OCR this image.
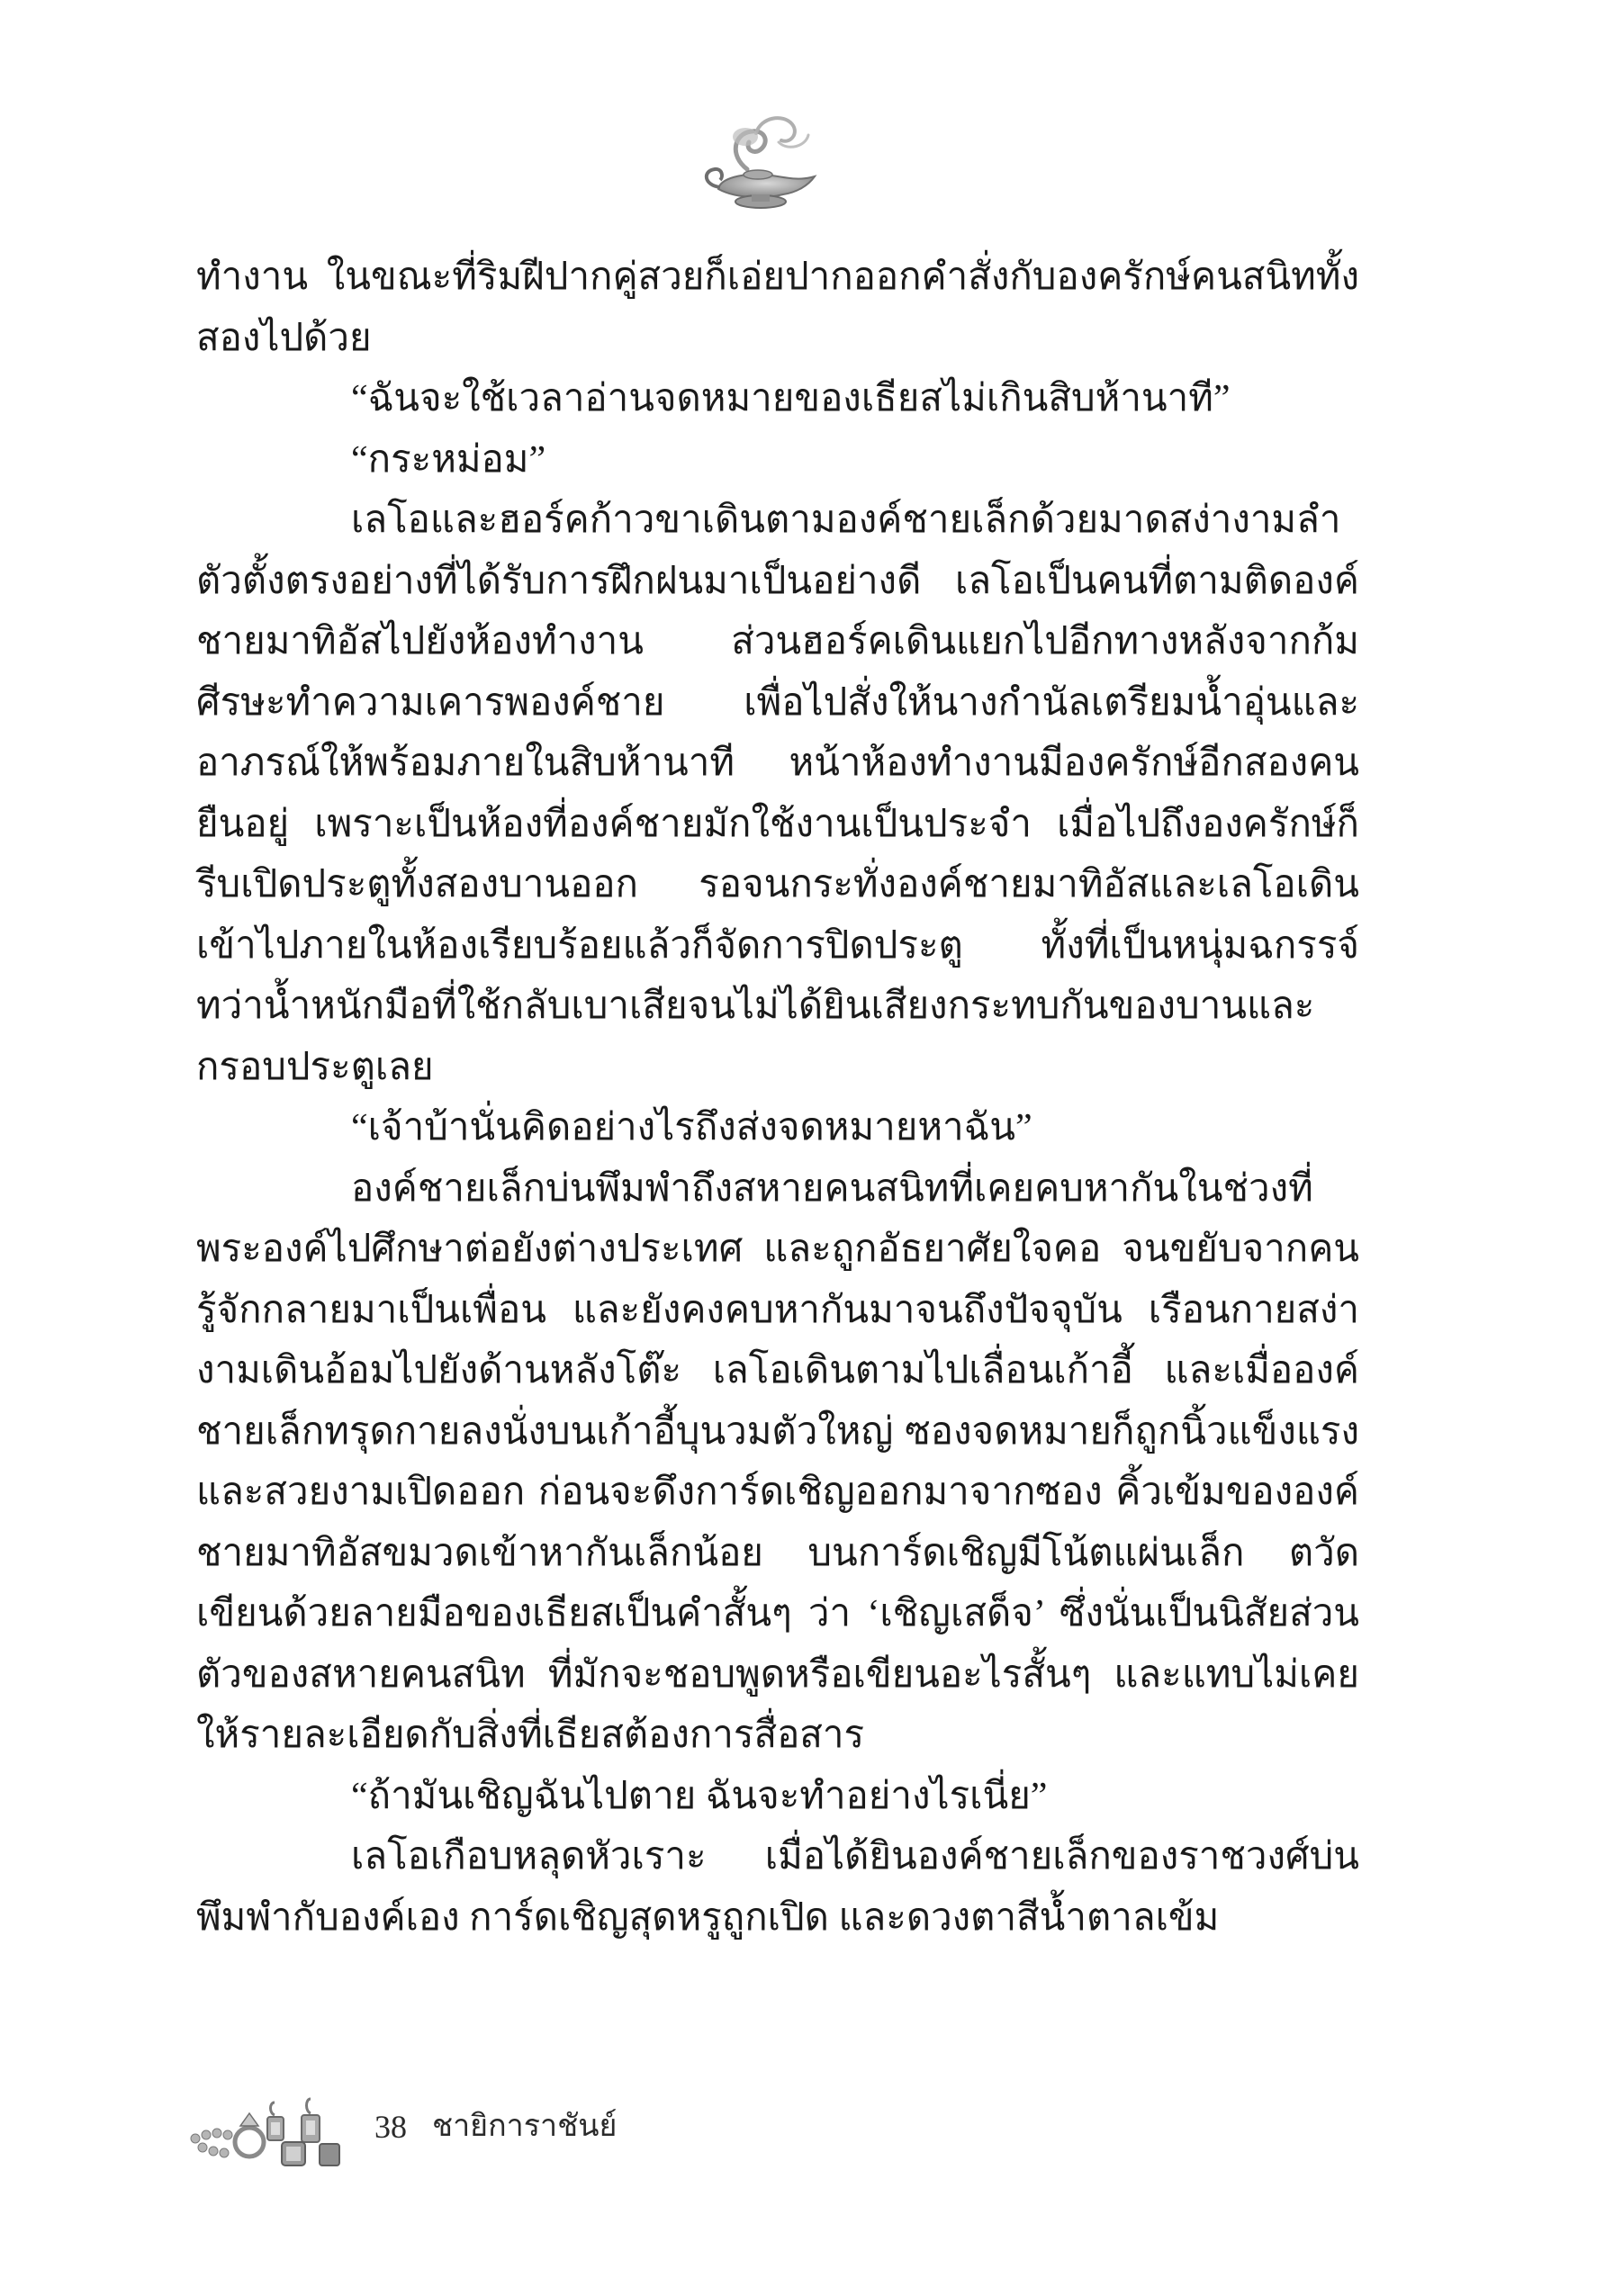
ทำงาน ในขณะที่ริมฝีปากคู่สวยก็เอ่ยปากออกคำสั่งกับองครักษ์คนสนิททั้งสองไปด้วย

“ฉันจะใช้เวลาอ่านจดหมายของเธียสไม่เกินสิบห้านาที”

“กระหม่อม”

เลโอและฮอร์คก้าวขาเดินตามองค์ชายเล็กด้วยมาดสง่างามลำตัวตั้งตรงอย่างที่ได้รับการฝึกฝนมาเป็นอย่างดี เลโอเป็นคนที่ตามติดองค์ชายมาทิอัสไปยังห้องทำงาน ส่วนฮอร์คเดินแยกไปอีกทางหลังจากก้มศีรษะทำความเคารพองค์ชาย เพื่อไปสั่งให้นางกำนัลเตรียมน้ำอุ่นและอาภรณ์ให้พร้อมภายในสิบห้านาที หน้าห้องทำงานมีองครักษ์อีกสองคนยืนอยู่ เพราะเป็นห้องที่องค์ชายมักใช้งานเป็นประจำ เมื่อไปถึงองครักษ์ก็รีบเปิดประตูทั้งสองบานออก รอจนกระทั่งองค์ชายมาทิอัสและเลโอเดินเข้าไปภายในห้องเรียบร้อยแล้วก็จัดการปิดประตู ทั้งที่เป็นหนุ่มฉกรรจ์ ทว่าน้ำหนักมือที่ใช้กลับเบาเสียจนไม่ได้ยินเสียงกระทบกันของบานและกรอบประตูเลย

“เจ้าบ้านั่นคิดอย่างไรถึงส่งจดหมายหาฉัน”

องค์ชายเล็กบ่นพึมพำถึงสหายคนสนิทที่เคยคบหากันในช่วงที่พระองค์ไปศึกษาต่อยังต่างประเทศ และถูกอัธยาศัยใจคอ จนขยับจากคนรู้จักกลายมาเป็นเพื่อน และยังคงคบหากันมาจนถึงปัจจุบัน เรือนกายสง่างามเดินอ้อมไปยังด้านหลังโต๊ะ เลโอเดินตามไปเลื่อนเก้าอี้ และเมื่อองค์ชายเล็กทรุดกายลงนั่งบนเก้าอี้บุนวมตัวใหญ่ ซองจดหมายก็ถูกนิ้วแข็งแรงและสวยงามเปิดออก ก่อนจะดึงการ์ดเชิญออกมาจากซอง คิ้วเข้มขององค์ชายมาทิอัสขมวดเข้าหากันเล็กน้อย บนการ์ดเชิญมีโน้ตแผ่นเล็ก ตวัดเขียนด้วยลายมือของเธียสเป็นคำสั้นๆ ว่า ‘เชิญเสด็จ’ ซึ่งนั่นเป็นนิสัยส่วนตัวของสหายคนสนิท ที่มักจะชอบพูดหรือเขียนอะไรสั้นๆ และแทบไม่เคยให้รายละเอียดกับสิ่งที่เธียสต้องการสื่อสาร

“ถ้ามันเชิญฉันไปตาย ฉันจะทำอย่างไรเนี่ย”

เลโอเกือบหลุดหัวเราะ เมื่อได้ยินองค์ชายเล็กของราชวงศ์บ่นพึมพำกับองค์เอง การ์ดเชิญสุดหรูถูกเปิด และดวงตาสีน้ำตาลเข้ม

38 ชายิการาชันย์
